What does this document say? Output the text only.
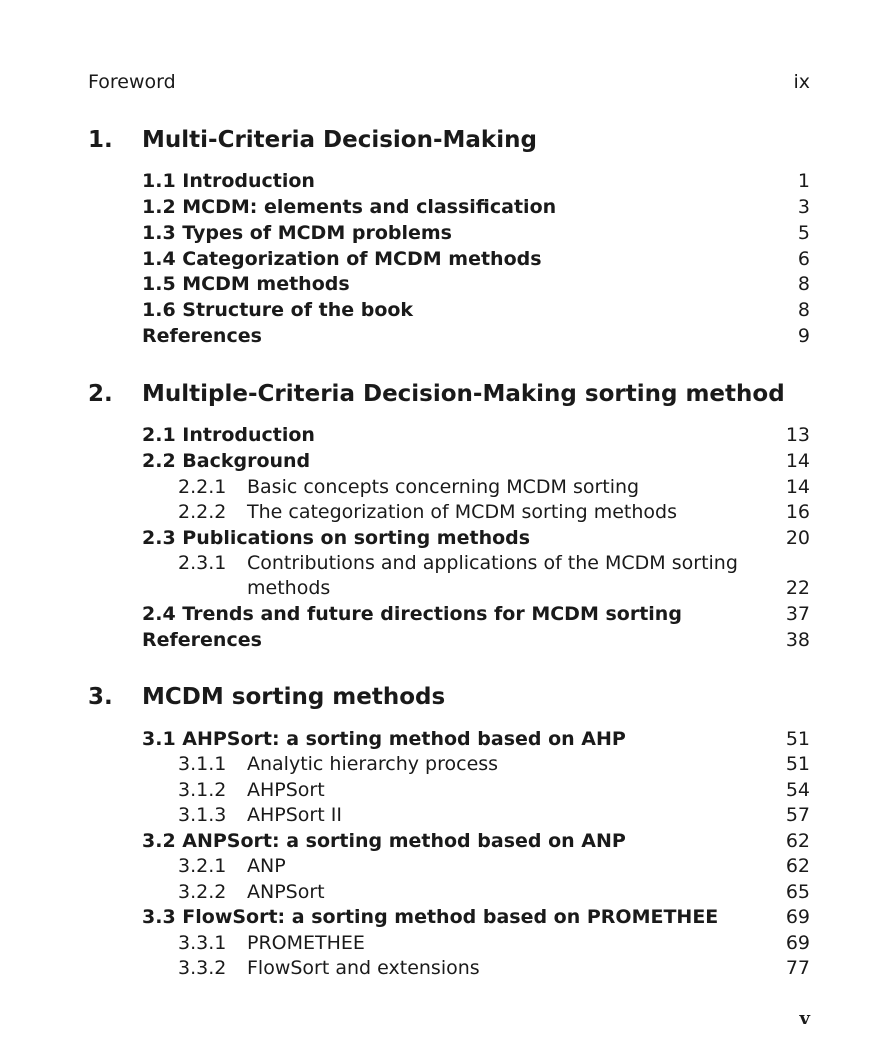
Foreword	ix
1. Multi-Criteria Decision-Making
1.1 Introduction	1
1.2 MCDM: elements and classification	3
1.3 Types of MCDM problems	5
1.4 Categorization of MCDM methods	6
1.5 MCDM methods	8
1.6 Structure of the book	8
References	9
2. Multiple-Criteria Decision-Making sorting method
2.1 Introduction	13
2.2 Background	14
2.2.1 Basic concepts concerning MCDM sorting	14
2.2.2 The categorization of MCDM sorting methods	16
2.3 Publications on sorting methods	20
2.3.1 Contributions and applications of the MCDM sorting
methods	22
2.4 Trends and future directions for MCDM sorting	37
References	38
3. MCDM sorting methods
3.1 AHPSort: a sorting method based on AHP	51
3.1.1 Analytic hierarchy process	51
3.1.2 AHPSort	54
3.1.3 AHPSort II	57
3.2 ANPSort: a sorting method based on ANP	62
3.2.1 ANP	62
3.2.2 ANPSort	65
3.3 FlowSort: a sorting method based on PROMETHEE	69
3.3.1 PROMETHEE	69
3.3.2 FlowSort and extensions	77
v
